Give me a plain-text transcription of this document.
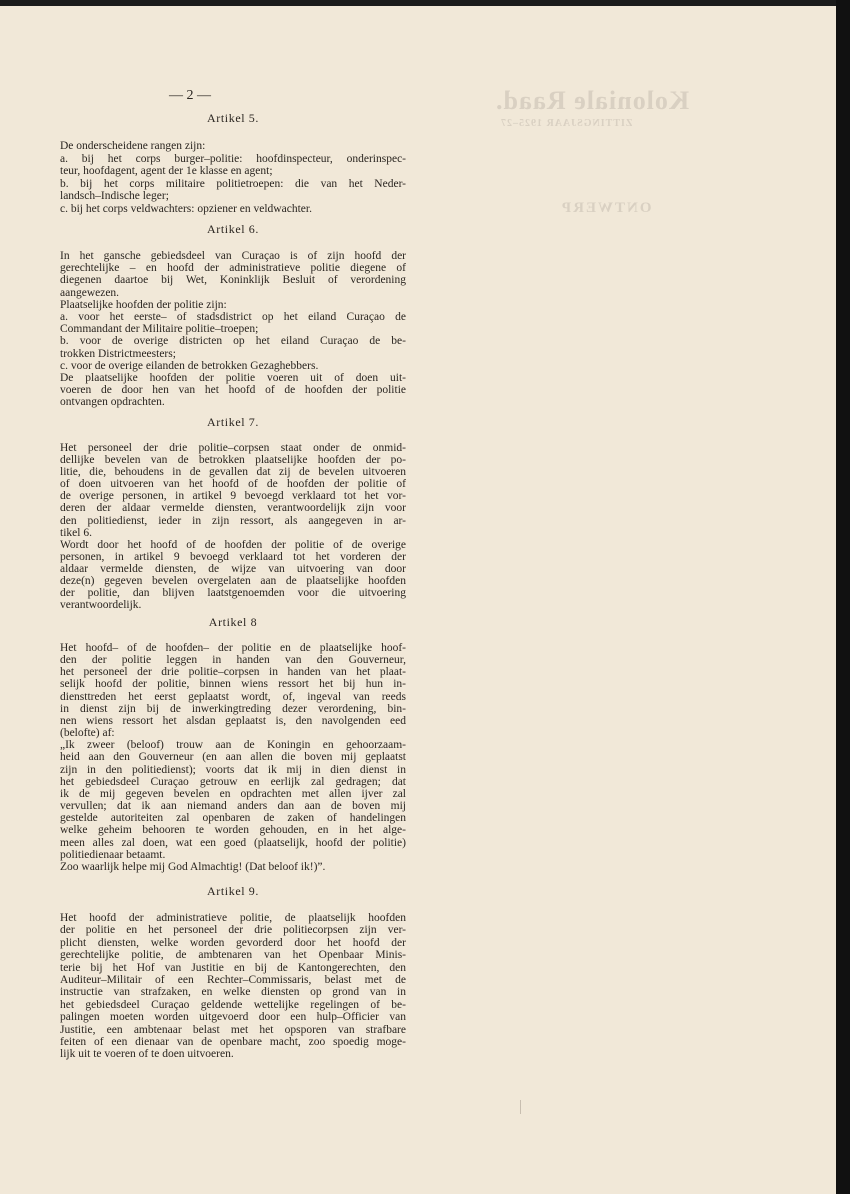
Koloniale Raad.
ZITTINGSJAAR 1925–27
ONTWERP
— 2 —
Artikel 5.
De onderscheidene rangen zijn:
a. bij het corps burger–politie: hoofdinspecteur, onderinspec-
teur, hoofdagent, agent der 1e klasse en agent;
b. bij het corps militaire politietroepen: die van het Neder-
landsch–Indische leger;
c. bij het corps veldwachters: opziener en veldwachter.
Artikel 6.
In het gansche gebiedsdeel van Curaçao is of zijn hoofd der
gerechtelijke – en hoofd der administratieve politie diegene of
diegenen daartoe bij Wet, Koninklijk Besluit of verordening
aangewezen.
Plaatselijke hoofden der politie zijn:
a. voor het eerste– of stadsdistrict op het eiland Curaçao de
Commandant der Militaire politie–troepen;
b. voor de overige districten op het eiland Curaçao de be-
trokken Districtmeesters;
c. voor de overige eilanden de betrokken Gezaghebbers.
De plaatselijke hoofden der politie voeren uit of doen uit-
voeren de door hen van het hoofd of de hoofden der politie
ontvangen opdrachten.
Artikel 7.
Het personeel der drie politie–corpsen staat onder de onmid-
dellijke bevelen van de betrokken plaatselijke hoofden der po-
litie, die, behoudens in de gevallen dat zij de bevelen uitvoeren
of doen uitvoeren van het hoofd of de hoofden der politie of
de overige personen, in artikel 9 bevoegd verklaard tot het vor-
deren der aldaar vermelde diensten, verantwoordelijk zijn voor
den politiedienst, ieder in zijn ressort, als aangegeven in ar-
tikel 6.
Wordt door het hoofd of de hoofden der politie of de overige
personen, in artikel 9 bevoegd verklaard tot het vorderen der
aldaar vermelde diensten, de wijze van uitvoering van door
deze(n) gegeven bevelen overgelaten aan de plaatselijke hoofden
der politie, dan blijven laatstgenoemden voor die uitvoering
verantwoordelijk.
Artikel 8
Het hoofd– of de hoofden– der politie en de plaatselijke hoof-
den der politie leggen in handen van den Gouverneur,
het personeel der drie politie–corpsen in handen van het plaat-
selijk hoofd der politie, binnen wiens ressort het bij hun in-
diensttreden het eerst geplaatst wordt, of, ingeval van reeds
in dienst zijn bij de inwerkingtreding dezer verordening, bin-
nen wiens ressort het alsdan geplaatst is, den navolgenden eed
(belofte) af:
„Ik zweer (beloof) trouw aan de Koningin en gehoorzaam-
heid aan den Gouverneur (en aan allen die boven mij geplaatst
zijn in den politiedienst); voorts dat ik mij in dien dienst in
het gebiedsdeel Curaçao getrouw en eerlijk zal gedragen; dat
ik de mij gegeven bevelen en opdrachten met allen ijver zal
vervullen; dat ik aan niemand anders dan aan de boven mij
gestelde autoriteiten zal openbaren de zaken of handelingen
welke geheim behooren te worden gehouden, en in het alge-
meen alles zal doen, wat een goed (plaatselijk, hoofd der politie)
politiedienaar betaamt.
Zoo waarlijk helpe mij God Almachtig! (Dat beloof ik!)”.
Artikel 9.
Het hoofd der administratieve politie, de plaatselijk hoofden
der politie en het personeel der drie politiecorpsen zijn ver-
plicht diensten, welke worden gevorderd door het hoofd der
gerechtelijke politie, de ambtenaren van het Openbaar Minis-
terie bij het Hof van Justitie en bij de Kantongerechten, den
Auditeur–Militair of een Rechter–Commissaris, belast met de
instructie van strafzaken, en welke diensten op grond van in
het gebiedsdeel Curaçao geldende wettelijke regelingen of be-
palingen moeten worden uitgevoerd door een hulp–Officier van
Justitie, een ambtenaar belast met het opsporen van strafbare
feiten of een dienaar van de openbare macht, zoo spoedig moge-
lijk uit te voeren of te doen uitvoeren.
